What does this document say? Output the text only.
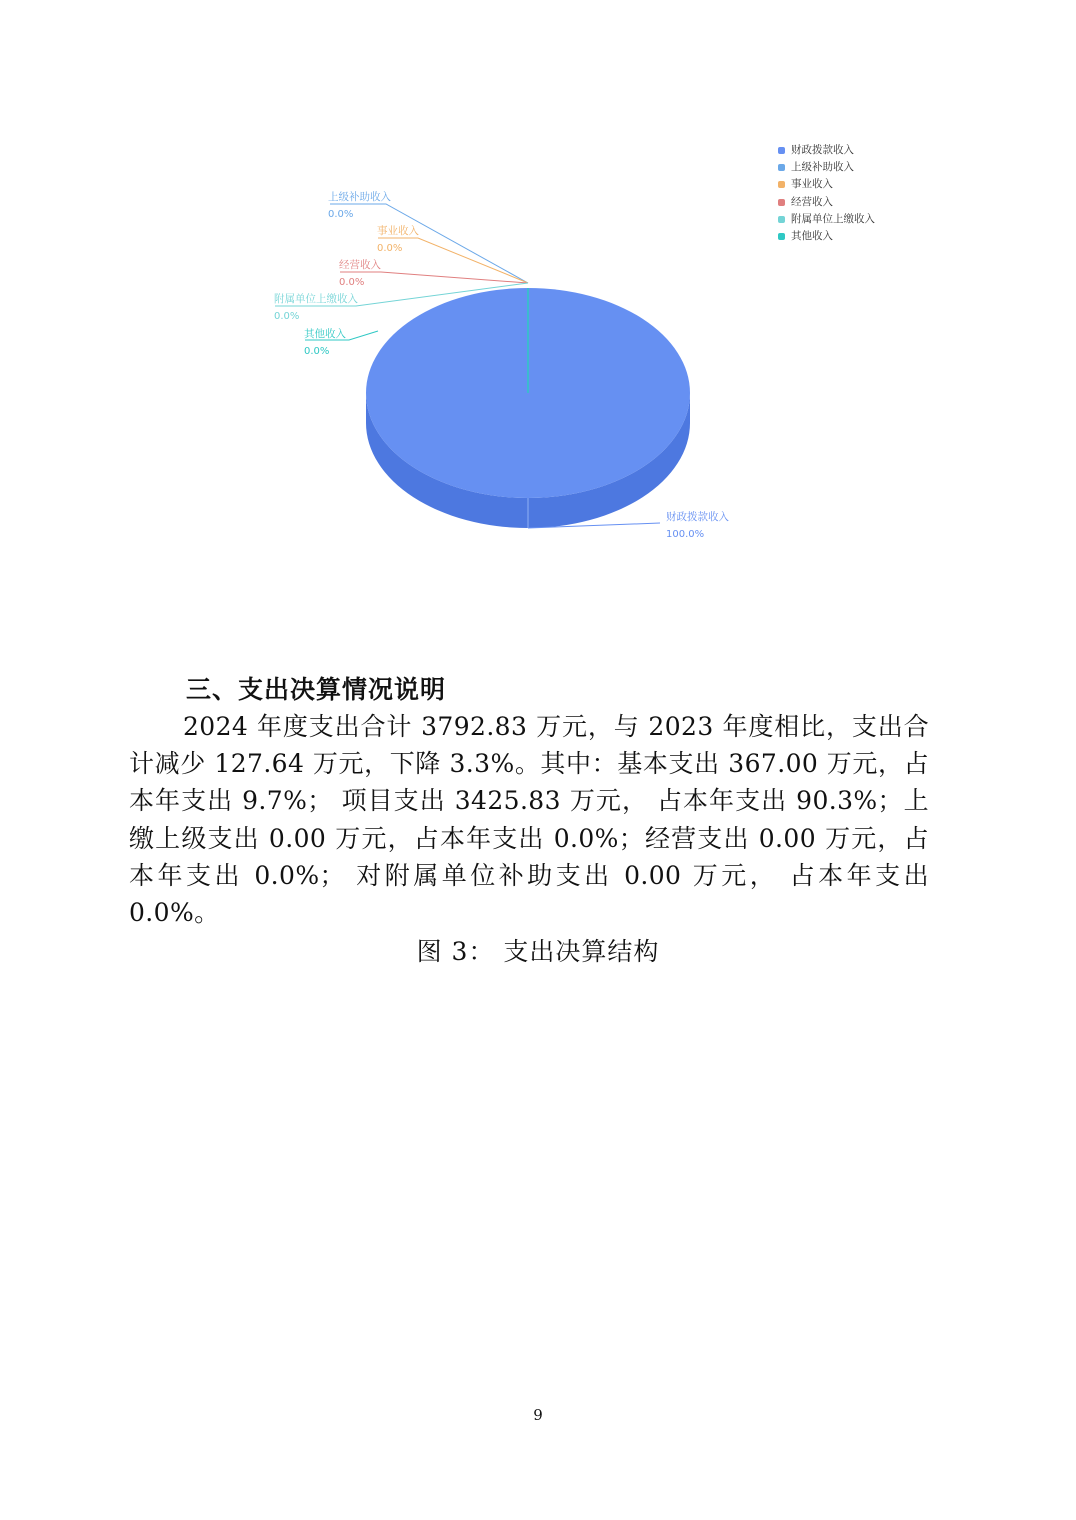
财政拨款收入
100.0%
上级补助收入
0.0%
事业收入
0.0%
经营收入
0.0%
附属单位上缴收入
0.0%
其他收入
0.0%
财政拨款收入
上级补助收入
事业收入
经营收入
附属单位上缴收入
其他收入
三、支出决算情况说明
2024 年度支出合计 3792.83 万元，与 2023 年度相比，支出合计减少 127.64 万元，下降 3.3%。其中：基本支出 367.00 万元，占本年支出 9.7%； 项目支出 3425.83 万元， 占本年支出 90.3%；上缴上级支出 0.00 万元，占本年支出 0.0%；经营支出 0.00 万元，占本年支出 0.0%； 对附属单位补助支出 0.00 万元， 占本年支出 0.0%。
图 3： 支出决算结构
9
